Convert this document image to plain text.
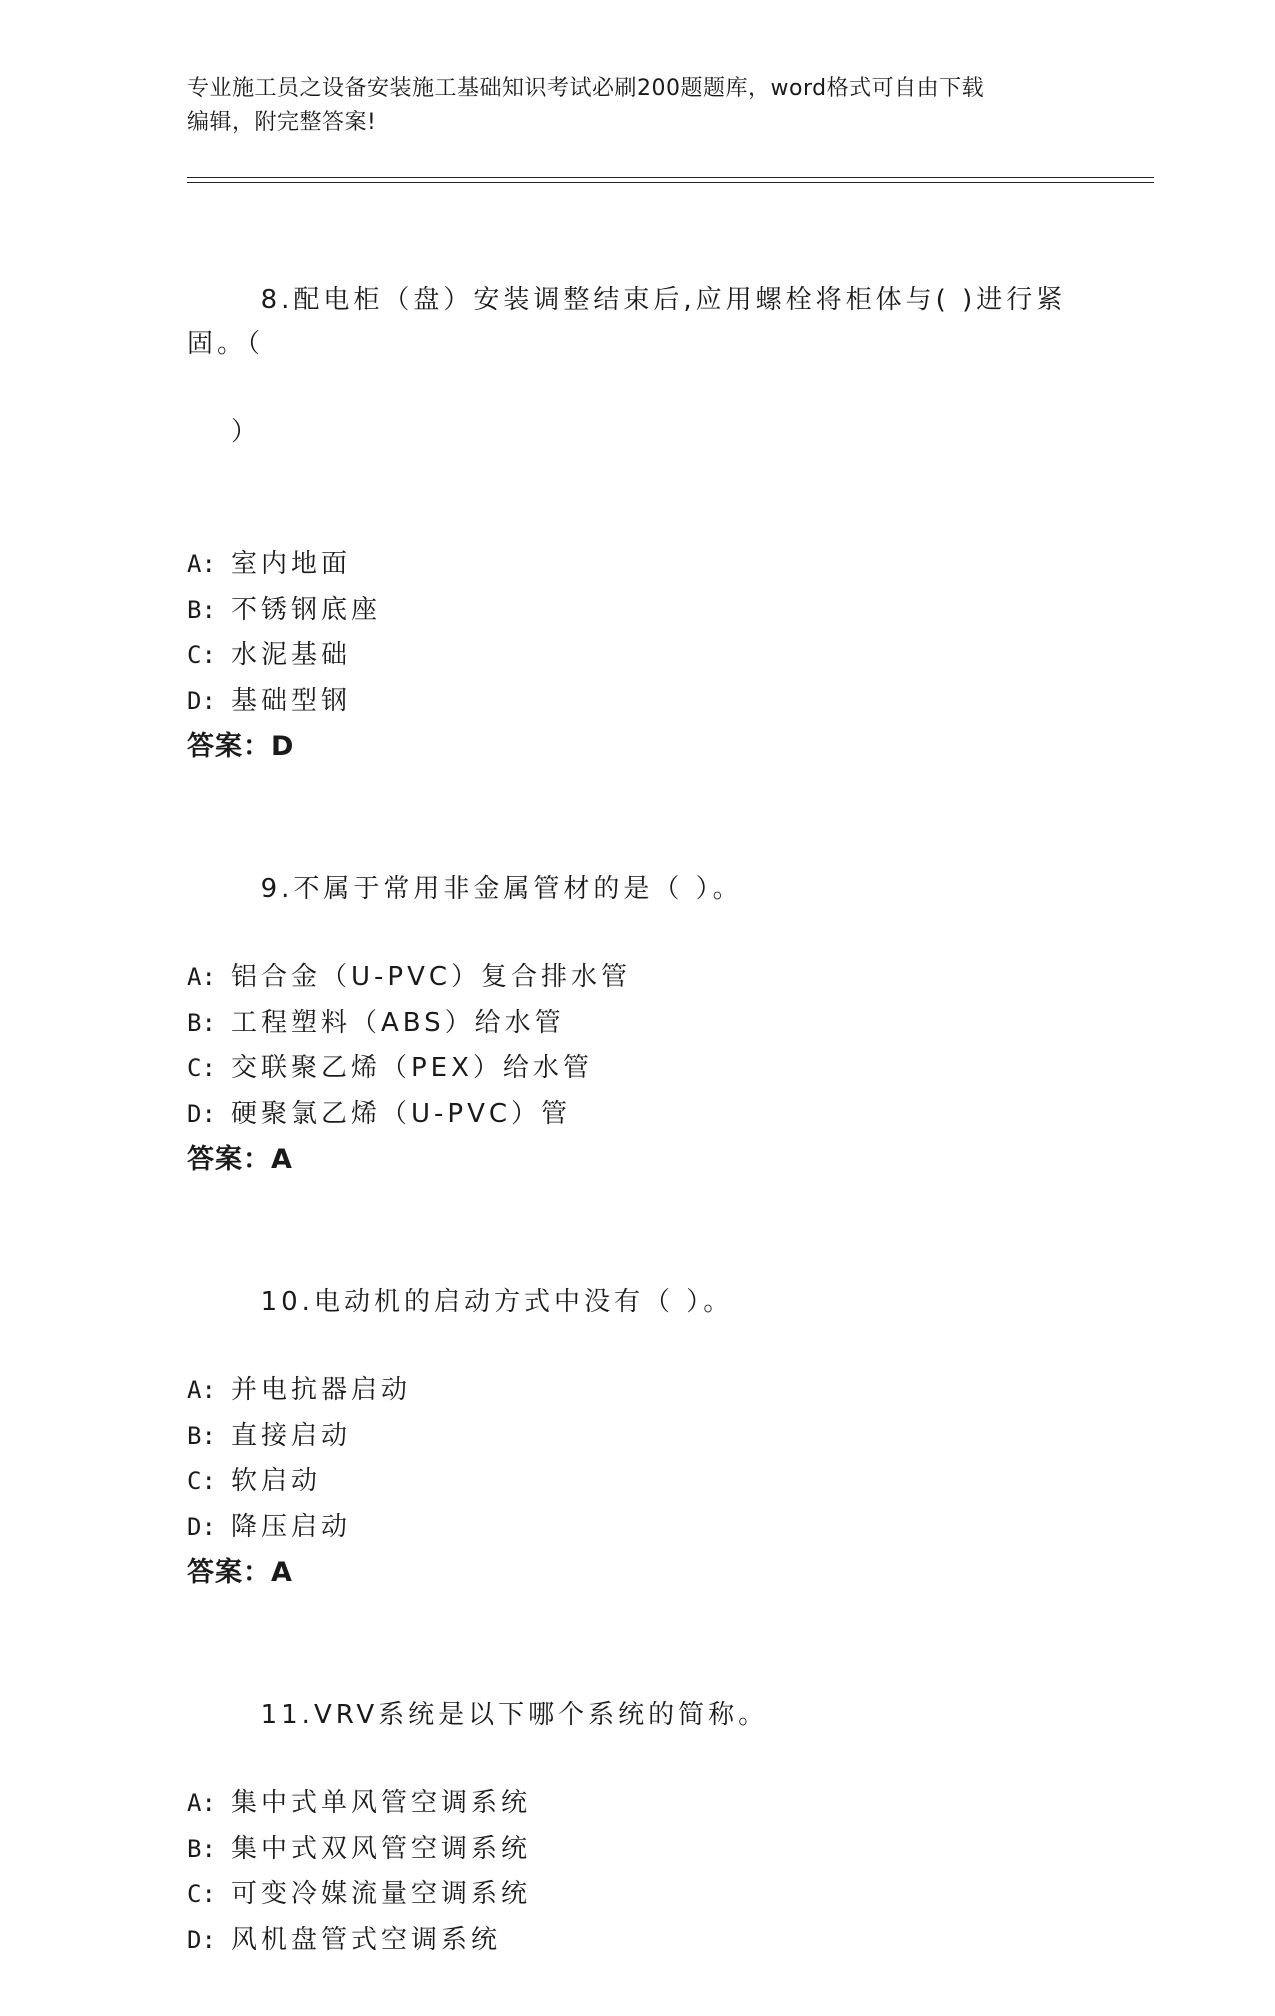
专业施工员之设备安装施工基础知识考试必刷200题题库，word格式可自由下载
编辑，附完整答案!

8.配电柜（盘）安装调整结束后,应用螺栓将柜体与( )进行紧固。（

）

A: 室内地面
B: 不锈钢底座
C: 水泥基础
D: 基础型钢
答案：D

9.不属于常用非金属管材的是（ ）。

A: 铝合金（U-PVC）复合排水管
B: 工程塑料（ABS）给水管
C: 交联聚乙烯（PEX）给水管
D: 硬聚氯乙烯（U-PVC）管
答案：A

10.电动机的启动方式中没有（ ）。

A: 并电抗器启动
B: 直接启动
C: 软启动
D: 降压启动
答案：A

11.VRV系统是以下哪个系统的简称。

A: 集中式单风管空调系统
B: 集中式双风管空调系统
C: 可变冷媒流量空调系统
D: 风机盘管式空调系统
